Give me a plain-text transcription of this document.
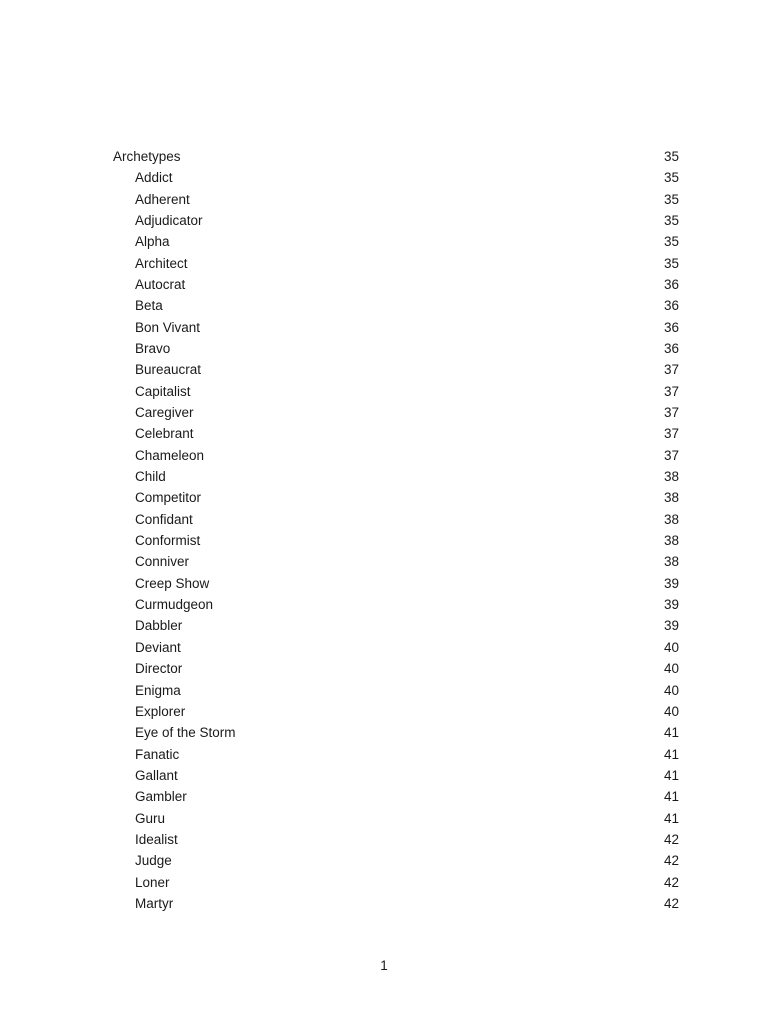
Archetypes	35
Addict	35
Adherent	35
Adjudicator	35
Alpha	35
Architect	35
Autocrat	36
Beta	36
Bon Vivant	36
Bravo	36
Bureaucrat	37
Capitalist	37
Caregiver	37
Celebrant	37
Chameleon	37
Child	38
Competitor	38
Confidant	38
Conformist	38
Conniver	38
Creep Show	39
Curmudgeon	39
Dabbler	39
Deviant	40
Director	40
Enigma	40
Explorer	40
Eye of the Storm	41
Fanatic	41
Gallant	41
Gambler	41
Guru	41
Idealist	42
Judge	42
Loner	42
Martyr	42
1
